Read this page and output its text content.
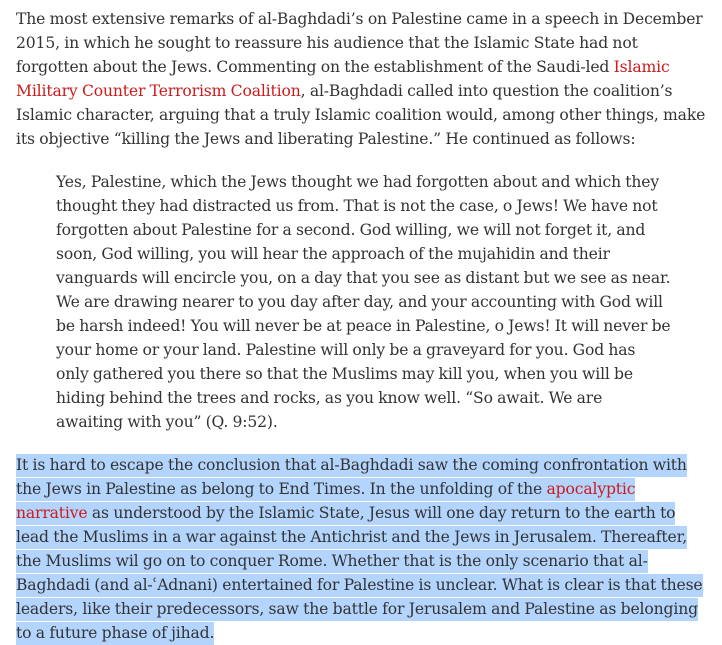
The most extensive remarks of al-Baghdadi’s on Palestine came in a speech in December 2015, in which he sought to reassure his audience that the Islamic State had not forgotten about the Jews. Commenting on the establishment of the Saudi-led Islamic Military Counter Terrorism Coalition, al-Baghdadi called into question the coalition’s Islamic character, arguing that a truly Islamic coalition would, among other things, make its objective “killing the Jews and liberating Palestine.” He continued as follows:

Yes, Palestine, which the Jews thought we had forgotten about and which they thought they had distracted us from. That is not the case, o Jews! We have not forgotten about Palestine for a second. God willing, we will not forget it, and soon, God willing, you will hear the approach of the mujahidin and their vanguards will encircle you, on a day that you see as distant but we see as near. We are drawing nearer to you day after day, and your accounting with God will be harsh indeed! You will never be at peace in Palestine, o Jews! It will never be your home or your land. Palestine will only be a graveyard for you. God has only gathered you there so that the Muslims may kill you, when you will be hiding behind the trees and rocks, as you know well. “So await. We are awaiting with you” (Q. 9:52).

It is hard to escape the conclusion that al-Baghdadi saw the coming confrontation with the Jews in Palestine as belong to End Times. In the unfolding of the apocalyptic narrative as understood by the Islamic State, Jesus will one day return to the earth to lead the Muslims in a war against the Antichrist and the Jews in Jerusalem. Thereafter, the Muslims wil go on to conquer Rome. Whether that is the only scenario that al-Baghdadi (and al-ʿAdnani) entertained for Palestine is unclear. What is clear is that these leaders, like their predecessors, saw the battle for Jerusalem and Palestine as belonging to a future phase of jihad.
